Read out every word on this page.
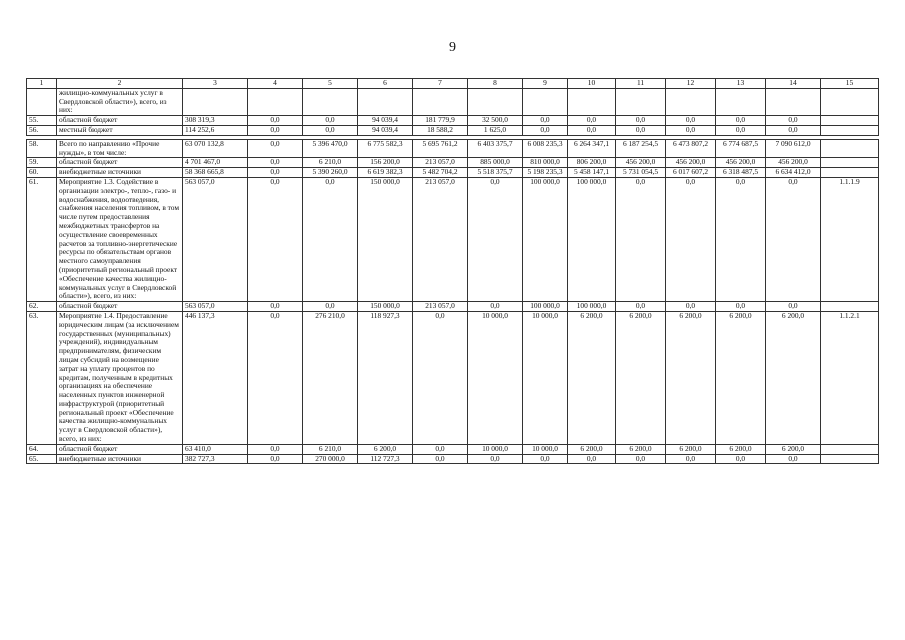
9
1	2	3	4	5	6	7	8	9	10	11	12	13	14	15
	жилищно-коммунальных услуг в Свердловской области»), всего, из них:													
55.	областной бюджет	308 319,3	0,0	0,0	94 039,4	181 779,9	32 500,0	0,0	0,0	0,0	0,0	0,0	0,0	
56.	местный бюджет	114 252,6	0,0	0,0	94 039,4	18 588,2	1 625,0	0,0	0,0	0,0	0,0	0,0	0,0	

58.	Всего по направлению «Прочие нужды», в том числе:	63 070 132,8	0,0	5 396 470,0	6 775 582,3	5 695 761,2	6 403 375,7	6 008 235,3	6 264 347,1	6 187 254,5	6 473 807,2	6 774 687,5	7 090 612,0	
59.	областной бюджет	4 701 467,0	0,0	6 210,0	156 200,0	213 057,0	885 000,0	810 000,0	806 200,0	456 200,0	456 200,0	456 200,0	456 200,0	
60.	внебюджетные источники	58 368 665,8	0,0	5 390 260,0	6 619 382,3	5 482 704,2	5 518 375,7	5 198 235,3	5 458 147,1	5 731 054,5	6 017 607,2	6 318 487,5	6 634 412,0	
61.	Мероприятие 1.3. Содействие в организации электро-, тепло-, газо- и водоснабжения, водоотведения, снабжения населения топливом, в том числе путем предоставления межбюджетных трансфертов на осуществление своевременных расчетов за топливно-энергетические ресурсы по обязательствам органов местного самоуправления (приоритетный региональный проект «Обеспечение качества жилищно-коммунальных услуг в Свердловской области»), всего, из них:	563 057,0	0,0	0,0	150 000,0	213 057,0	0,0	100 000,0	100 000,0	0,0	0,0	0,0	0,0	1.1.1.9
62.	областной бюджет	563 057,0	0,0	0,0	150 000,0	213 057,0	0,0	100 000,0	100 000,0	0,0	0,0	0,0	0,0	
63.	Мероприятие 1.4. Предоставление юридическим лицам (за исключением государственных (муниципальных) учреждений), индивидуальным предпринимателям, физическим лицам субсидий на возмещение затрат на уплату процентов по кредитам, полученным в кредитных организациях на обеспечение населенных пунктов инженерной инфраструктурой (приоритетный региональный проект «Обеспечение качества жилищно-коммунальных услуг в Свердловской области»), всего, из них:	446 137,3	0,0	276 210,0	118 927,3	0,0	10 000,0	10 000,0	6 200,0	6 200,0	6 200,0	6 200,0	6 200,0	1.1.2.1
64.	областной бюджет	63 410,0	0,0	6 210,0	6 200,0	0,0	10 000,0	10 000,0	6 200,0	6 200,0	6 200,0	6 200,0	6 200,0	
65.	внебюджетные источники	382 727,3	0,0	270 000,0	112 727,3	0,0	0,0	0,0	0,0	0,0	0,0	0,0	0,0	
